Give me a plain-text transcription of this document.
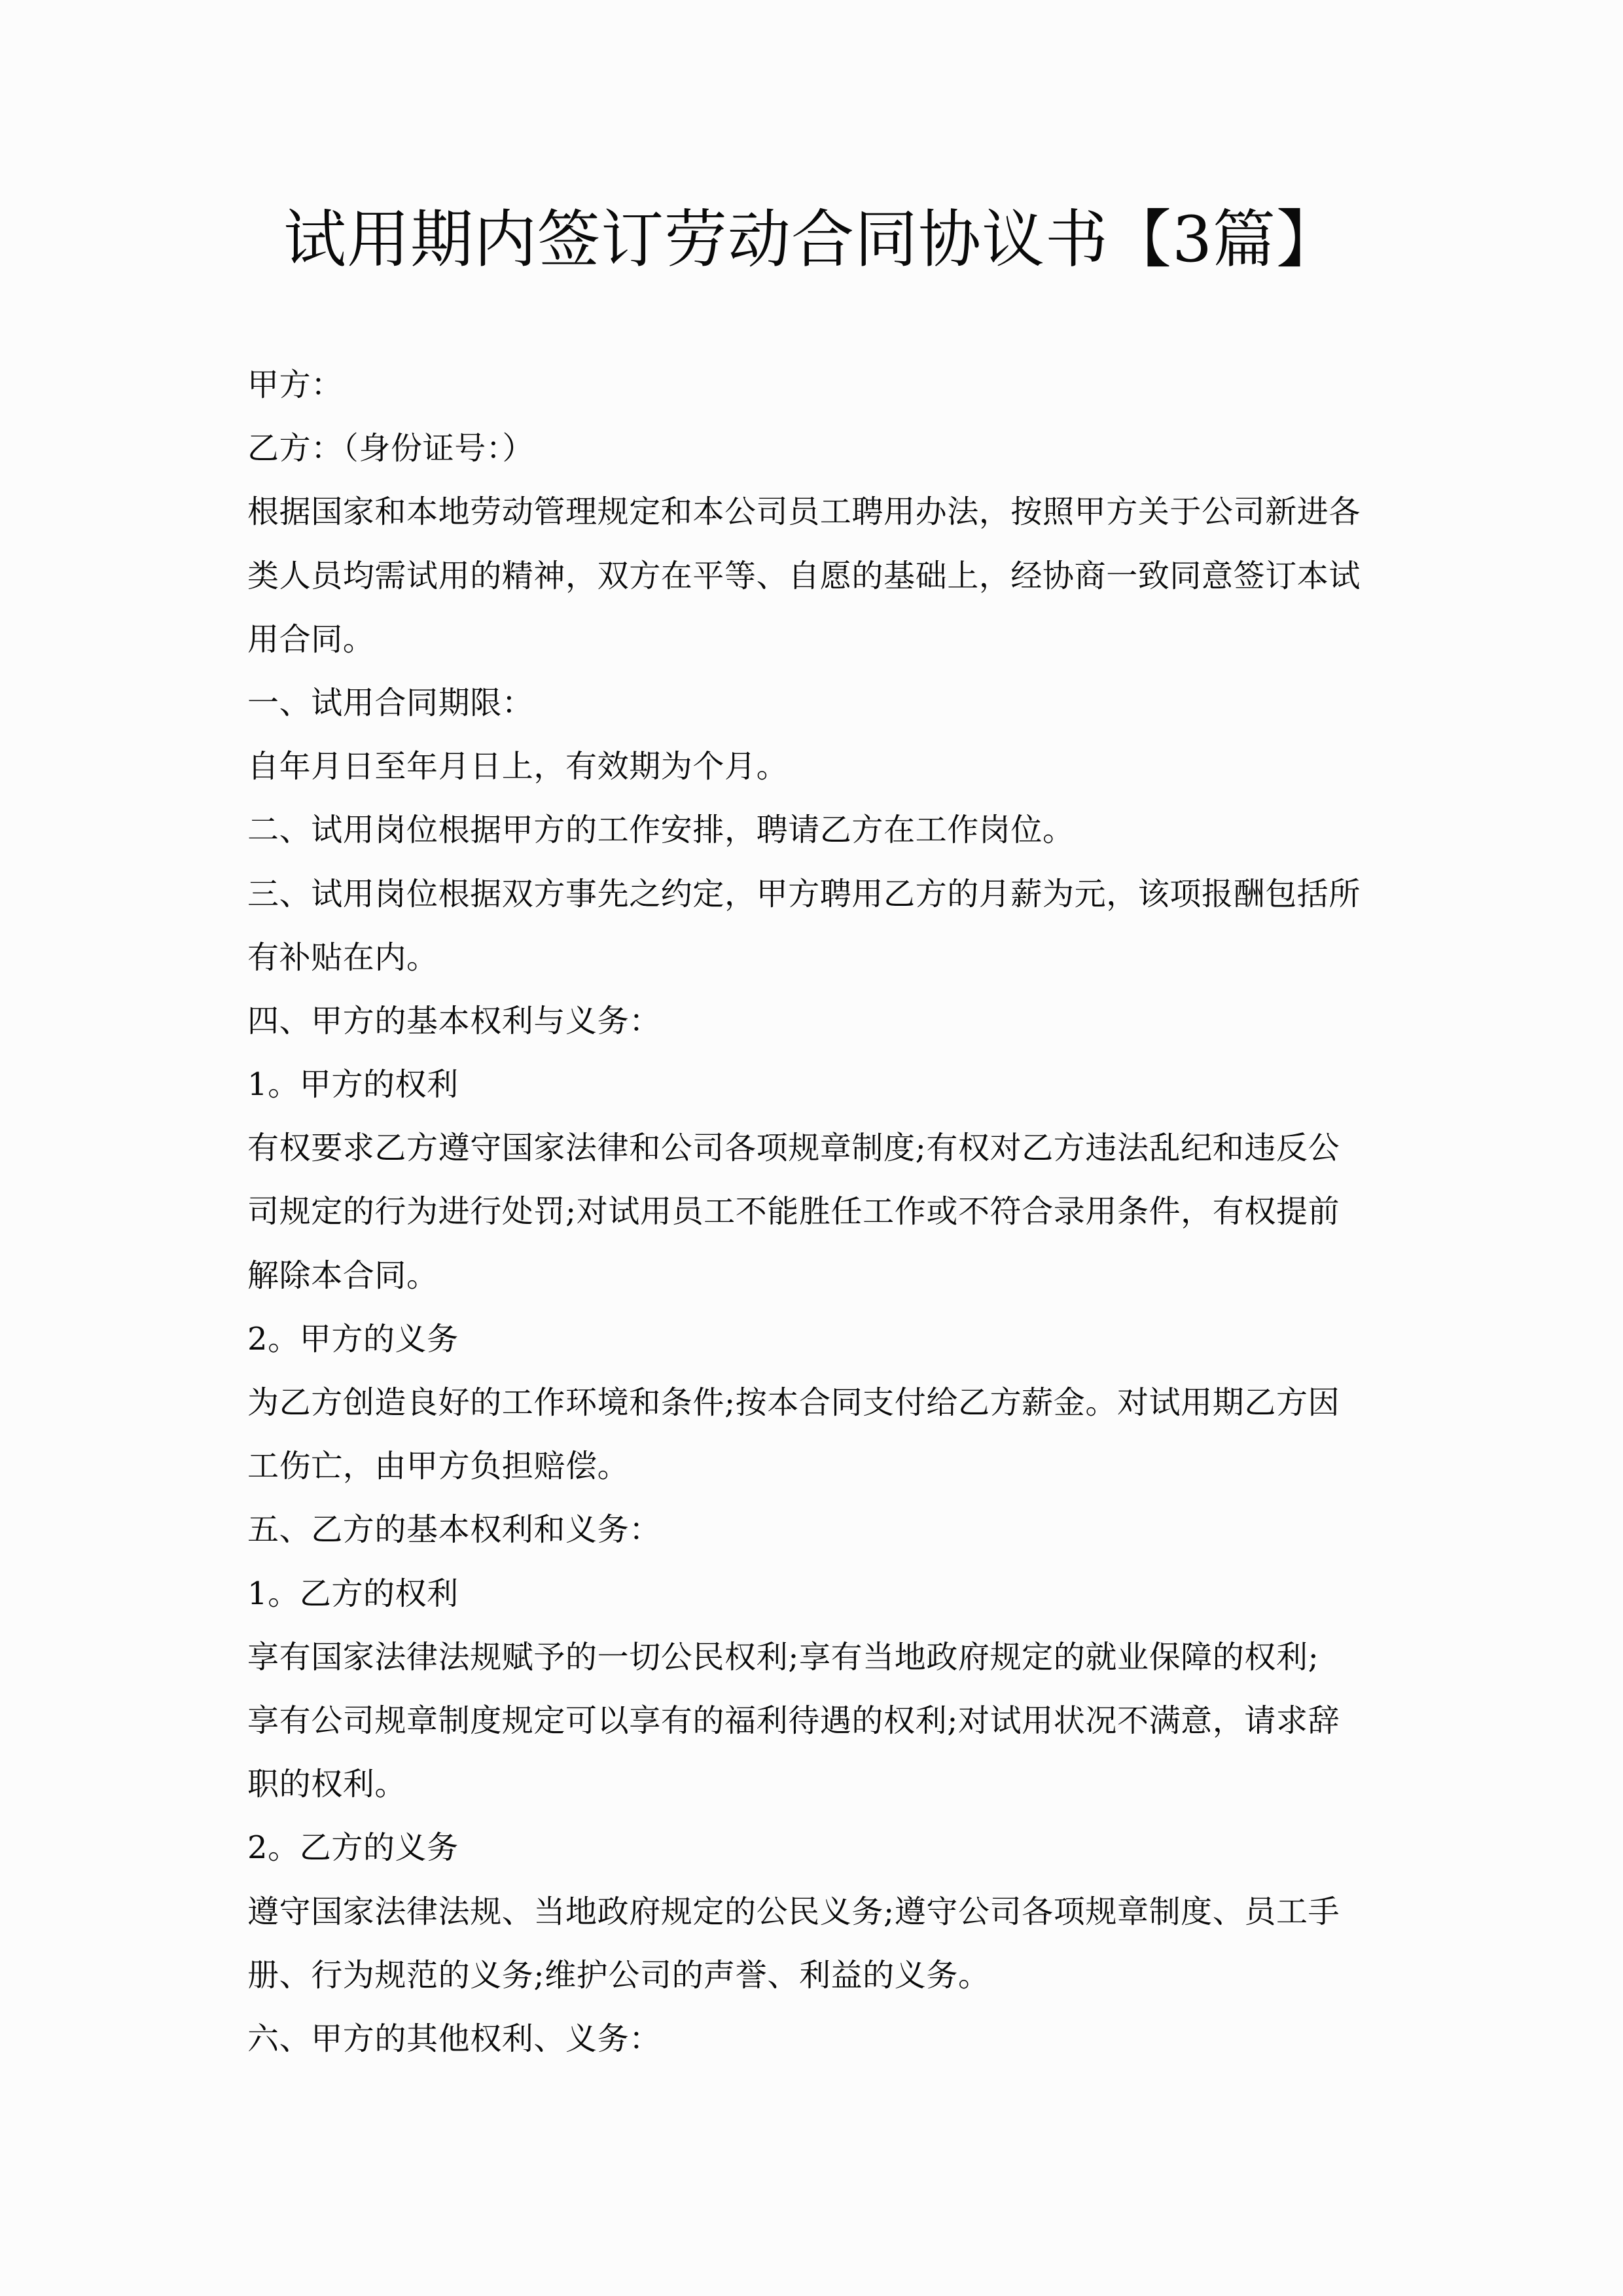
试用期内签订劳动合同协议书【3篇】

甲方：

乙方：（身份证号：）

根据国家和本地劳动管理规定和本公司员工聘用办法，按照甲方关于公司新进各

类人员均需试用的精神，双方在平等、自愿的基础上，经协商一致同意签订本试

用合同。

一、试用合同期限：

自年月日至年月日上，有效期为个月。

二、试用岗位根据甲方的工作安排，聘请乙方在工作岗位。

三、试用岗位根据双方事先之约定，甲方聘用乙方的月薪为元，该项报酬包括所

有补贴在内。

四、甲方的基本权利与义务：

1。甲方的权利

有权要求乙方遵守国家法律和公司各项规章制度;有权对乙方违法乱纪和违反公

司规定的行为进行处罚;对试用员工不能胜任工作或不符合录用条件，有权提前

解除本合同。

2。甲方的义务

为乙方创造良好的工作环境和条件;按本合同支付给乙方薪金。对试用期乙方因

工伤亡，由甲方负担赔偿。

五、乙方的基本权利和义务：

1。乙方的权利

享有国家法律法规赋予的一切公民权利;享有当地政府规定的就业保障的权利;

享有公司规章制度规定可以享有的福利待遇的权利;对试用状况不满意，请求辞

职的权利。

2。乙方的义务

遵守国家法律法规、当地政府规定的公民义务;遵守公司各项规章制度、员工手

册、行为规范的义务;维护公司的声誉、利益的义务。

六、甲方的其他权利、义务：
